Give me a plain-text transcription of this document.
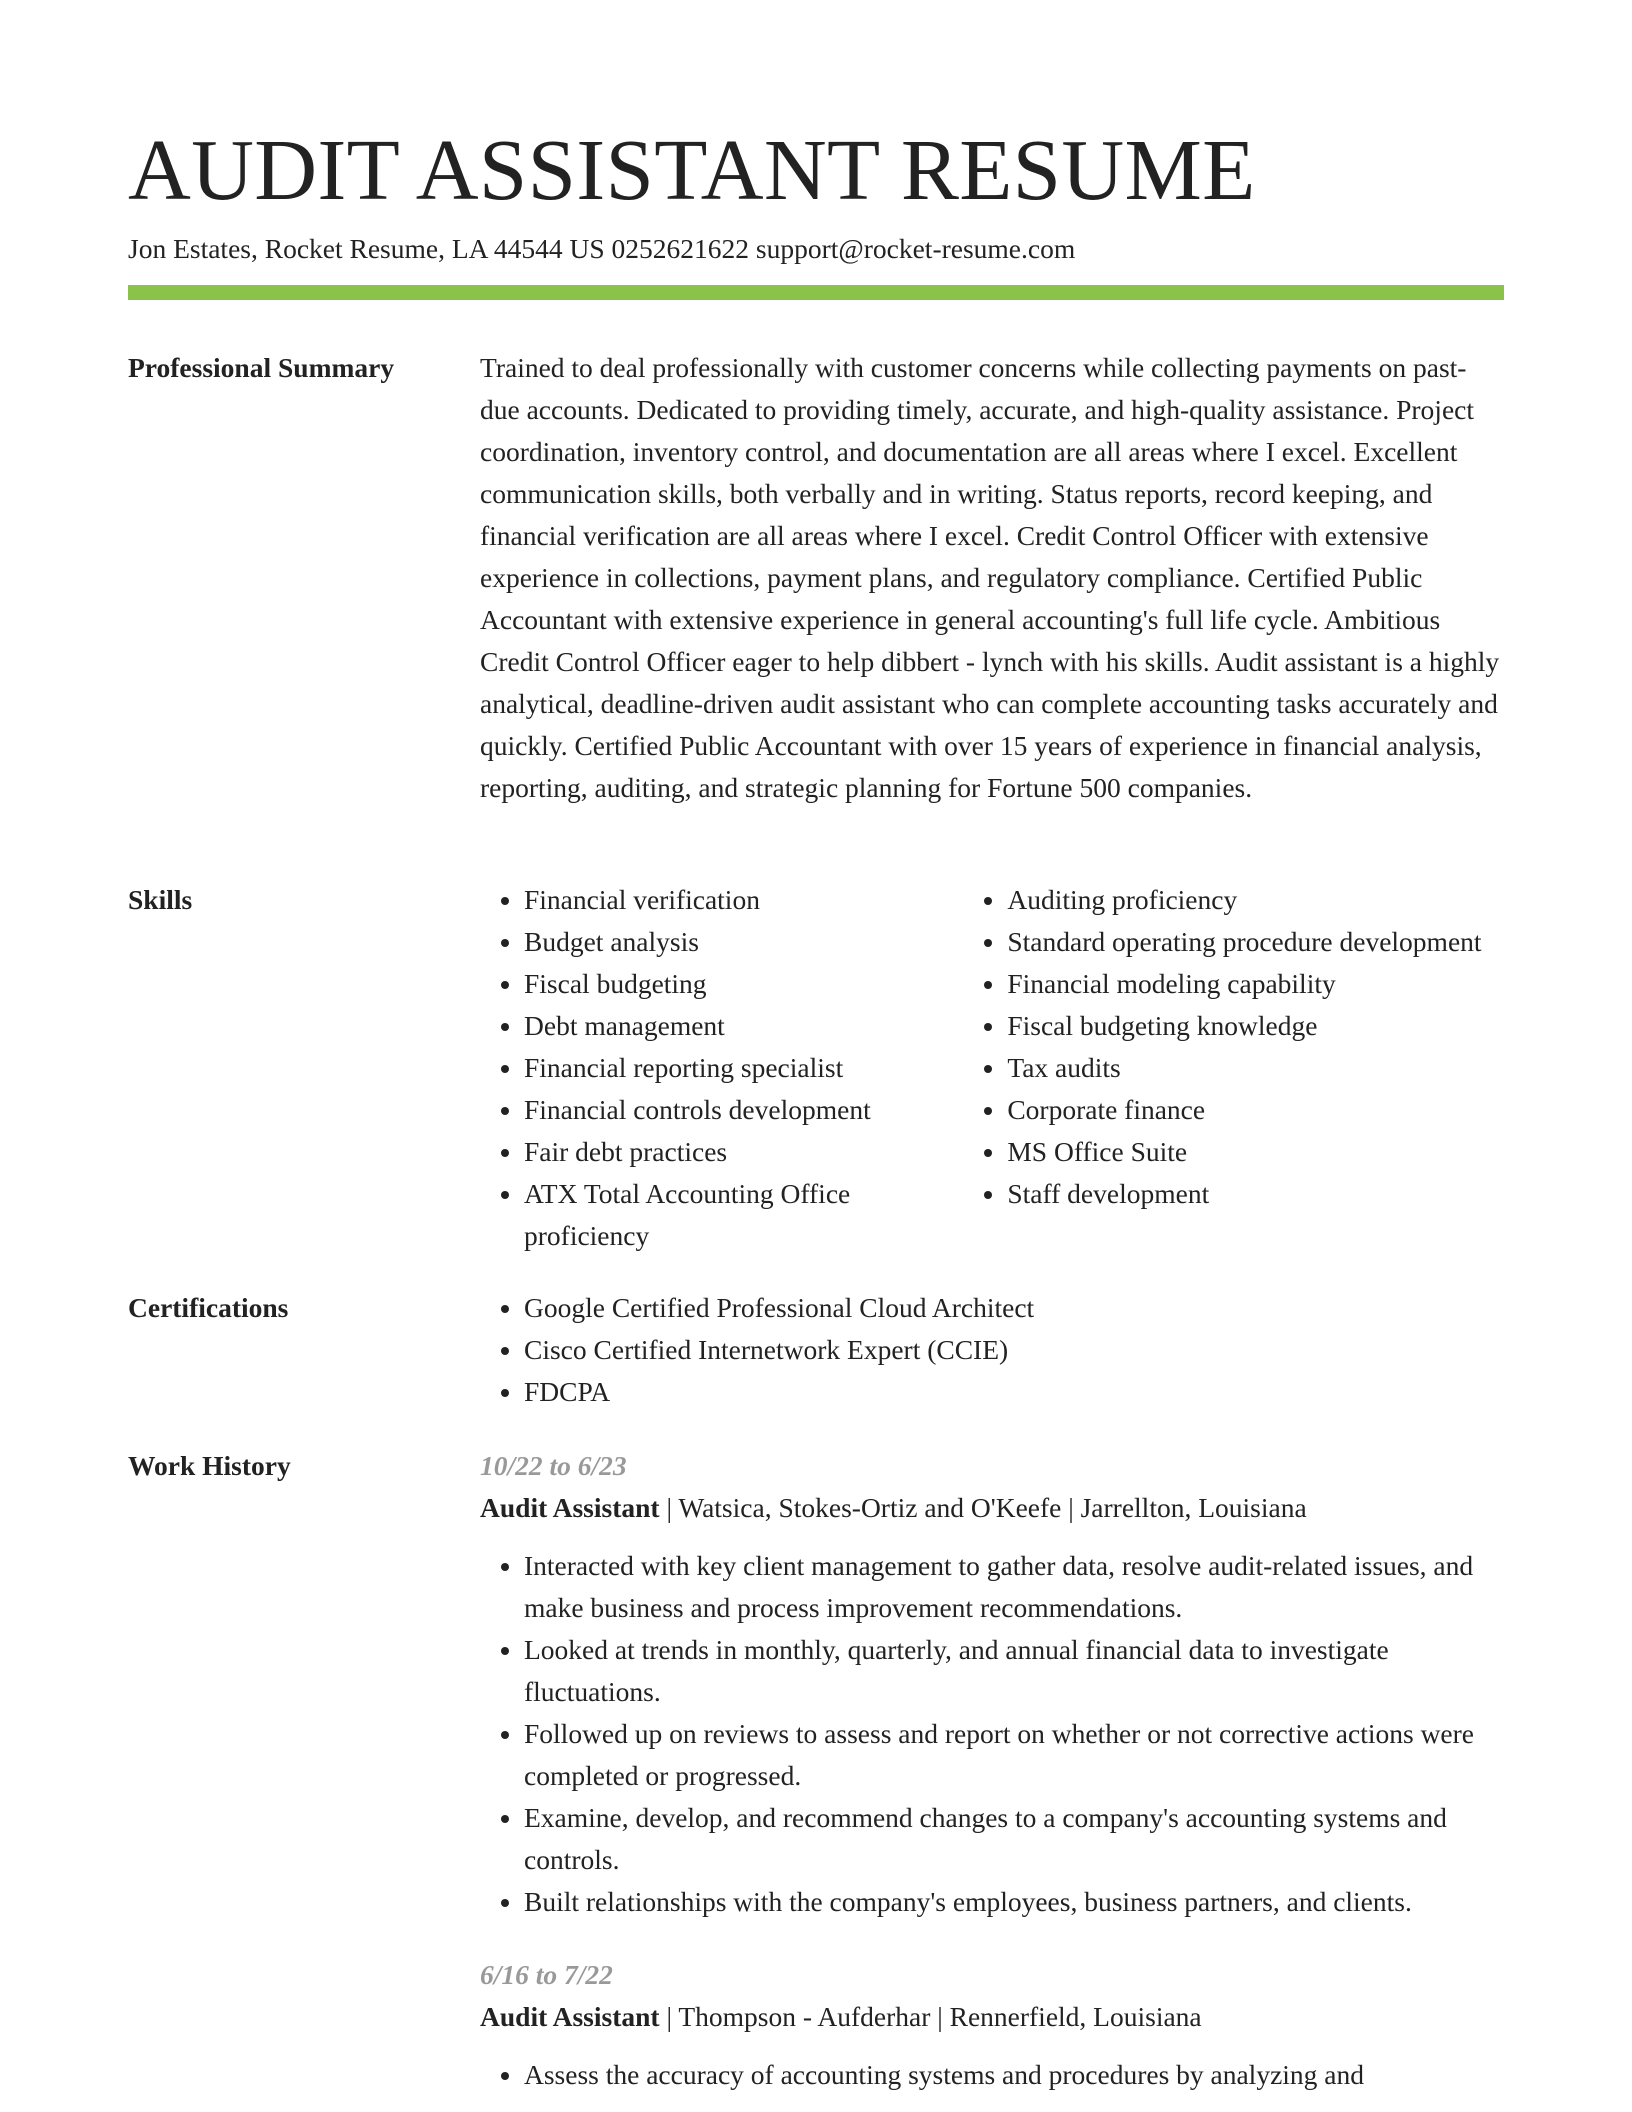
AUDIT ASSISTANT RESUME
Jon Estates, Rocket Resume, LA 44544 US 0252621622 support@rocket-resume.com
Professional Summary	Trained to deal professionally with customer concerns while collecting payments on past-due accounts. Dedicated to providing timely, accurate, and high-quality assistance. Project coordination, inventory control, and documentation are all areas where I excel. Excellent communication skills, both verbally and in writing. Status reports, record keeping, and financial verification are all areas where I excel. Credit Control Officer with extensive experience in collections, payment plans, and regulatory compliance. Certified Public Accountant with extensive experience in general accounting's full life cycle. Ambitious Credit Control Officer eager to help dibbert - lynch with his skills. Audit assistant is a highly analytical, deadline-driven audit assistant who can complete accounting tasks accurately and quickly. Certified Public Accountant with over 15 years of experience in financial analysis, reporting, auditing, and strategic planning for Fortune 500 companies.

Skills	• Financial verification
• Budget analysis
• Fiscal budgeting
• Debt management
• Financial reporting specialist
• Financial controls development
• Fair debt practices
• ATX Total Accounting Office proficiency
• Auditing proficiency
• Standard operating procedure development
• Financial modeling capability
• Fiscal budgeting knowledge
• Tax audits
• Corporate finance
• MS Office Suite
• Staff development
Certifications	• Google Certified Professional Cloud Architect
• Cisco Certified Internetwork Expert (CCIE)
• FDCPA
Work History	10/22 to 6/23
Audit Assistant | Watsica, Stokes-Ortiz and O'Keefe | Jarrellton, Louisiana
• Interacted with key client management to gather data, resolve audit-related issues, and make business and process improvement recommendations.
• Looked at trends in monthly, quarterly, and annual financial data to investigate fluctuations.
• Followed up on reviews to assess and report on whether or not corrective actions were completed or progressed.
• Examine, develop, and recommend changes to a company's accounting systems and controls.
• Built relationships with the company's employees, business partners, and clients.
6/16 to 7/22
Audit Assistant | Thompson - Aufderhar | Rennerfield, Louisiana
• Assess the accuracy of accounting systems and procedures by analyzing and
